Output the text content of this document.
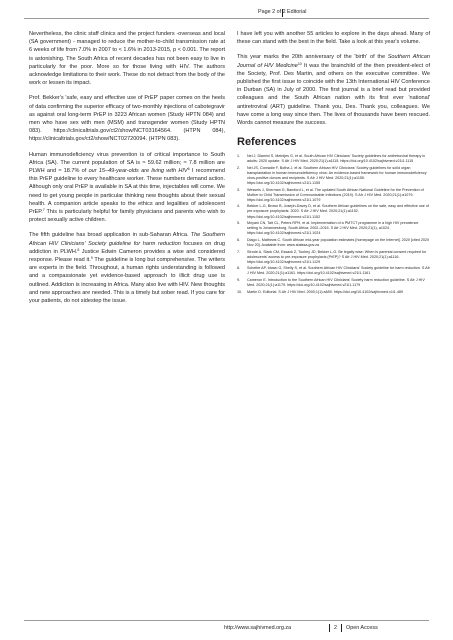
Page 2 of 2 Editorial

Nevertheless, the clinic staff clinics and the project funders -overseas and local (SA government) - managed to reduce the mother-to-child transmission rate at 6 weeks of life from 7.0% in 2007 to < 1.6% in 2013-2015, p < 0.001. The report is astonishing. The South Africa of recent decades has not been easy to live in particularly for the poor. More so for those living with HIV. The authors acknowledge limitations to their work. These do not detract from the body of the work or lessen its impact.

Prof. Bekker's 'safe, easy and effective use of PrEP' paper comes on the heels of data confirming the superior efficacy of two-monthly injections of cabotegravir as against oral long-term PrEP in 3223 African women (Study HPTN 084) and men who have sex with men (MSM) and transgender women (Study HPTN 083). https://clinicaltrials.gov/ct2/show/NCT03164564. (HTPN 084), https://clinicaltrials.gov/ct2/show/NCT02720094. (HTPN 083).

Human immunodeficiency virus prevention is of critical importance to South Africa (SA). The current population of SA is ≈ 59.62 million; ≈ 7.8 million are PLWH and ≈ 18.7% of our 15–49-year-olds are living with HIV$^6$ I recommend this PrEP guideline to every healthcare worker. These numbers demand action. Although only oral PrEP is available in SA at this time, injectables will come. We need to get young people in particular thinking new thoughts about their sexual health. A companion article speaks to the ethics and legalities of adolescent PrEP.$^7$ This is particularly helpful for family physicians and parents who wish to protect sexually active children.

The fifth guideline has broad application in sub-Saharan Africa. The Southern African HIV Clinicians' Society guideline for harm reduction focuses on drug addiction in PLWH.$^8$ Justice Edwin Cameron provides a wise and considered response. Please read it.$^9$ The guideline is long but comprehensive. The writers are experts in the field. Throughout, a human rights understanding is followed and a compassionate yet evidence-based approach to illicit drug use is outlined. Addiction is increasing in Africa. Many also live with HIV. New thoughts and new approaches are needed. This is a timely but sober read. If you care for your patients, do not sidestep the issue.

I have left you with another 55 articles to explore in the days ahead. Many of these can stand with the best in the field. Take a look at this year's volume.

This year marks the 20th anniversary of the 'birth' of the Southern African Journal of HIV Medicine$^{10}$ It was the brainchild of the then president-elect of the Society, Prof. Des Martin, and others on the executive committee. We published the first issue to coincide with the 13th International HIV Conference in Durban (SA) in July of 2000. The first journal is a brief read but provided colleagues and the South African nation with its first ever 'national' antiretroviral (ART) guideline. Thank you, Des. Thank you, colleagues. We have come a long way since then. The lives of thousands have been rescued. Words cannot measure the success.

References
1. Nel J, Dlamini S, Meintjes G, et al. South African HIV Clinicians' Society guidelines for antiretroviral therapy in adults: 2020 update. S Afr J HIV Med. 2020;21(1):a1115. https://doi.org/10.4102/sajhivmed.v21i1.1115
2. Nel JS, Conradie F, Botha J, et al. Southern African HIV Clinicians' Society guidelines for solid organ transplantation in human immunodeficiency virus: An evidence-based framework for human immunodeficiency virus-positive donors and recipients. S Afr J HIV Med. 2020;21(1):a1155. https://doi.org/10.4102/sajhivmed.v21i1.1155
3. Wessels J, Sherman G, Bamford L, et al. The updated South African National Guideline for the Prevention of Mother to Child Transmission of Communicable Infections (2019). S Afr J HIV Med. 2020;21(1):a1079. https://doi.org/10.4102/sajhivmed.v21i1.1079
4. Bekker L-G, Brown B, Joseph-Davey D, et al. Southern African guidelines on the safe, easy and effective use of pre-exposure prophylaxis: 2020. S Afr J HIV Med. 2020;21(1):a1152. https://doi.org/10.4102/sajhivmed.v21i1.1152
5. Mnyani CN, Tait CL, Peters RPH, et al. Implementation of a PMTCT programme in a high HIV prevalence setting in Johannesburg, South Africa: 2002–2015. S Afr J HIV Med. 2020;21(1), a1024. https://doi.org/10.4102/sajhivmed.v21i1.1024
6. Diago L, Mathews C. South African mid-year population estimates [homepage on the Internet]. 2020 [cited 2020 Nov 20]. Available from: www.statssa.gov.za
7. Strode A, Slack CM, Essack Z, Toohey JD, Bekker L-G. Be legally wise: When is parental consent required for adolescents' access to pre-exposure prophylaxis (PrEP)? S Afr J HIV Med. 2020;21(1):a1116. https://doi.org/10.4102/sajhivmed.v21i1.1129
8. Scheibe AP, Idowu G, Shelly S, et al. Southern African HIV Clinicians' Society guideline for harm reduction. S Afr J HIV Med. 2020;21(1):a1161. https://doi.org/10.4102/sajhivmed.v21i1.1161
9. Cameron E. Introduction to the Southern African HIV Clinicians' Society harm reduction guideline. S Afr J HIV Med. 2020;21(1):a1179. https://doi.org/10.4102/sajhivmed.v21i1.1179
10. Martin D. Editorial. S Afr J HIV Med. 2000;1(1):a489. https://doi.org/10.4102/sajhivmed.v1i1.489
http://www.sajhivmed.org.za	2 Open Access
